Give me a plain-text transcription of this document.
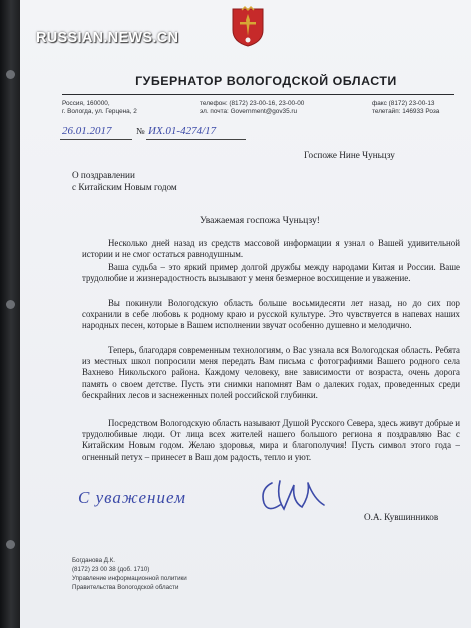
ГУБЕРНАТОР ВОЛОГОДСКОЙ ОБЛАСТИ
Россия, 160000,
г. Вологда, ул. Герцена, 2
телефон: (8172) 23-00-16, 23-00-00
эл. почта: Government@gov35.ru
факс (8172) 23-00-13
телетайп: 146933 Роза
26.01.2017	№ ИХ.01-4274/17
Госпоже Нине Чуньцзу
О поздравлении
с Китайским Новым годом
Уважаемая госпожа Чуньцзу!
Несколько дней назад из средств массовой информации я узнал о Вашей удивительной истории и не смог остаться равнодушным.
Ваша судьба – это яркий пример долгой дружбы между народами Китая и России. Ваше трудолюбие и жизнерадостность вызывают у меня безмерное восхищение и уважение.
Вы покинули Вологодскую область больше восьмидесяти лет назад, но до сих пор сохранили в себе любовь к родному краю и русской культуре. Это чувствуется в напевах наших народных песен, которые в Вашем исполнении звучат особенно душевно и мелодично.
Теперь, благодаря современным технологиям, о Вас узнала вся Вологодская область. Ребята из местных школ попросили меня передать Вам письма с фотографиями Вашего родного села Вахнево Никольского района. Каждому человеку, вне зависимости от возраста, очень дорога память о своем детстве. Пусть эти снимки напомнят Вам о далеких годах, проведенных среди бескрайних лесов и заснеженных полей российской глубинки.
Посредством Вологодскую область называют Душой Русского Севера, здесь живут добрые и трудолюбивые люди. От лица всех жителей нашего большого региона я поздравляю Вас с Китайским Новым годом. Желаю здоровья, мира и благополучия! Пусть символ этого года – огненный петух – принесет в Ваш дом радость, тепло и уют.
С уважением
О.А. Кувшинников
Богданова Д.К.
(8172) 23 00 38 (доб. 1710)
Управление информационной политики
Правительства Вологодской области
RUSSIAN.NEWS.CN
